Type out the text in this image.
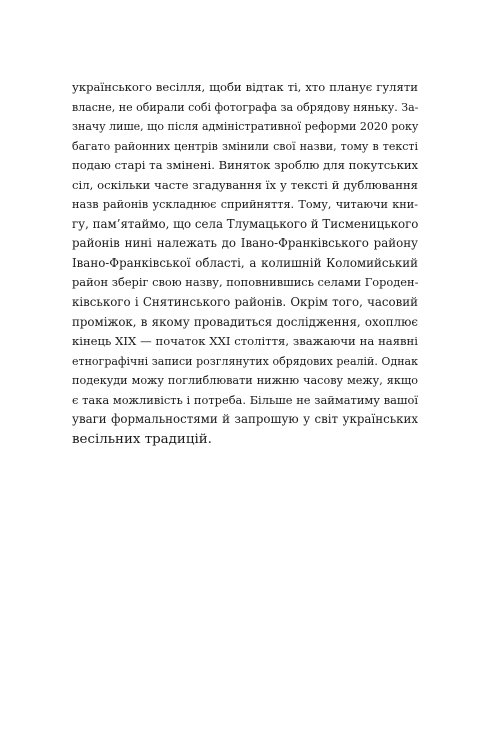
українського весілля, щоби відтак ті, хто планує гуляти
власне, не обирали собі фотографа за обрядову няньку. За-
значу лише, що після адміністративної реформи 2020 року
багато районних центрів змінили свої назви, тому в тексті
подаю старі та змінені. Виняток зроблю для покутських
сіл, оскільки часте згадування їх у тексті й дублювання
назв районів ускладнює сприйняття. Тому, читаючи кни-
гу, пам’ятаймо, що села Тлумацького й Тисменицького
районів нині належать до Івано-Франківського району
Івано-Франківської області, а колишній Коломийський
район зберіг свою назву, поповнившись селами Городен-
ківського і Снятинського районів. Окрім того, часовий
проміжок, в якому провадиться дослідження, охоплює
кінець XIX — початок XXI століття, зважаючи на наявні
етнографічні записи розглянутих обрядових реалій. Однак
подекуди можу поглиблювати нижню часову межу, якщо
є така можливість і потреба. Більше не займатиму вашої
уваги формальностями й запрошую у світ українських
весільних традицій.
